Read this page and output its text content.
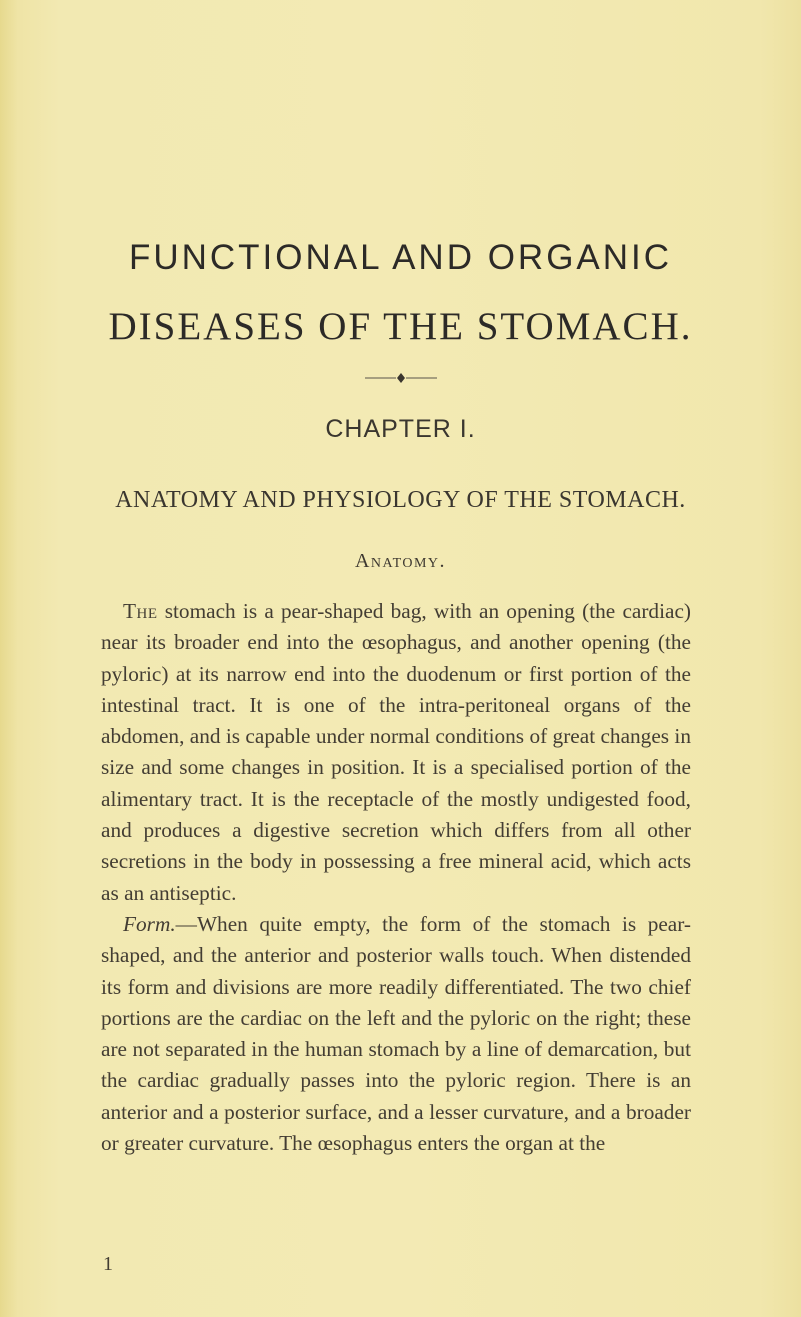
FUNCTIONAL AND ORGANIC
DISEASES OF THE STOMACH.
CHAPTER I.
ANATOMY AND PHYSIOLOGY OF THE STOMACH.
Anatomy.

The stomach is a pear-shaped bag, with an opening (the cardiac) near its broader end into the œsophagus, and another opening (the pyloric) at its narrow end into the duodenum or first portion of the intestinal tract. It is one of the intra-peritoneal organs of the abdomen, and is capable under normal conditions of great changes in size and some changes in position. It is a specialised portion of the alimentary tract. It is the receptacle of the mostly undigested food, and produces a digestive secretion which differs from all other secretions in the body in possessing a free mineral acid, which acts as an antiseptic.

Form.—When quite empty, the form of the stomach is pear-shaped, and the anterior and posterior walls touch. When distended its form and divisions are more readily differentiated. The two chief portions are the cardiac on the left and the pyloric on the right; these are not separated in the human stomach by a line of demarcation, but the cardiac gradually passes into the pyloric region. There is an anterior and a posterior surface, and a lesser curvature, and a broader or greater curvature. The œsophagus enters the organ at the

1
